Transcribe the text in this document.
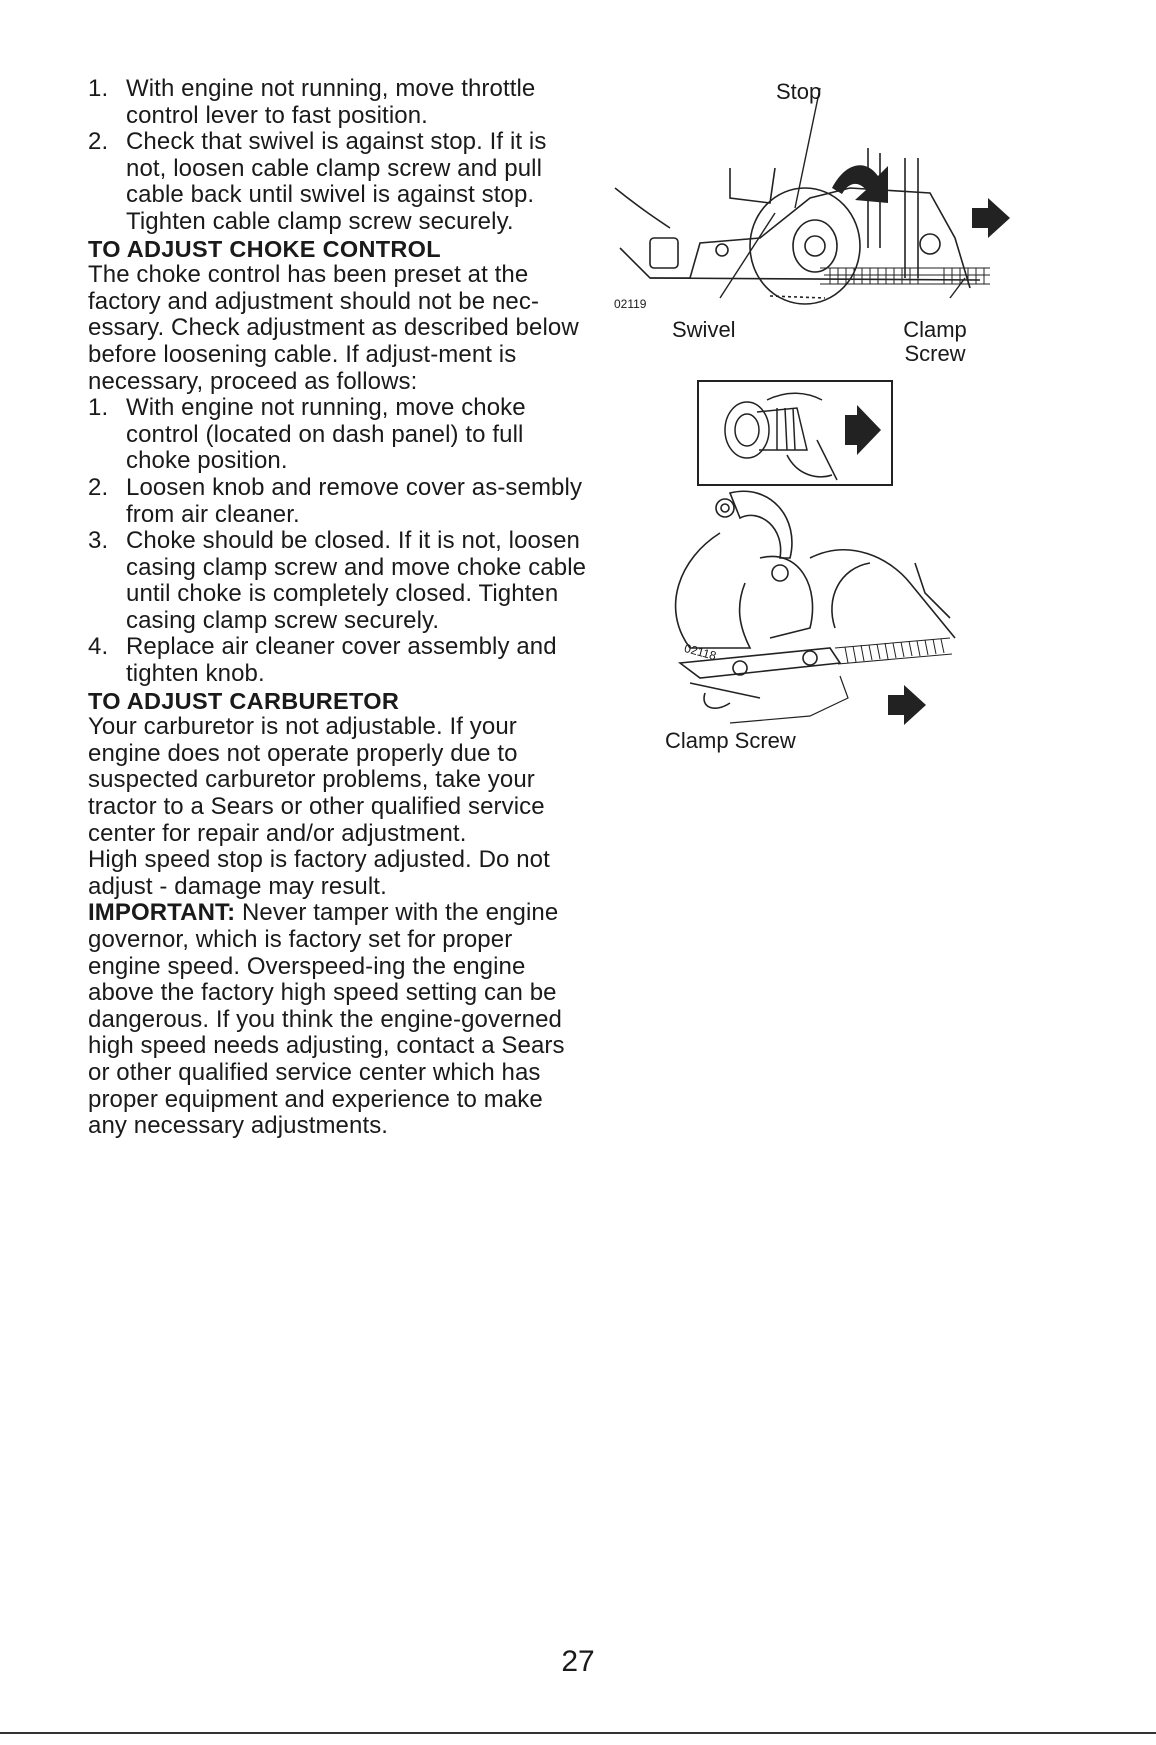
1. With engine not running, move throttle control lever to fast position.
2. Check that swivel is against stop. If it is not, loosen cable clamp screw and pull cable back until swivel is against stop. Tighten cable clamp screw securely.

TO ADJUST CHOKE CONTROL

The choke control has been preset at the factory and adjustment should not be nec-essary. Check adjustment as described below before loosening cable. If adjust-ment is necessary, proceed as follows:

1. With engine not running, move choke control (located on dash panel) to full choke position.
2. Loosen knob and remove cover as-sembly from air cleaner.
3. Choke should be closed. If it is not, loosen casing clamp screw and move choke cable until choke is completely closed. Tighten casing clamp screw securely.
4. Replace air cleaner cover assembly and tighten knob.

TO ADJUST CARBURETOR

Your carburetor is not adjustable. If your engine does not operate properly due to suspected carburetor problems, take your tractor to a Sears or other qualified service center for repair and/or adjustment.

High speed stop is factory adjusted. Do not adjust - damage may result.

IMPORTANT: Never tamper with the engine governor, which is factory set for proper engine speed. Overspeed-ing the engine above the factory high speed setting can be dangerous. If you think the engine-governed high speed needs adjusting, contact a Sears or other qualified service center which has proper equipment and experience to make any necessary adjustments.

02119
Stop
Swivel	Clamp Screw
02118
Clamp Screw
27
